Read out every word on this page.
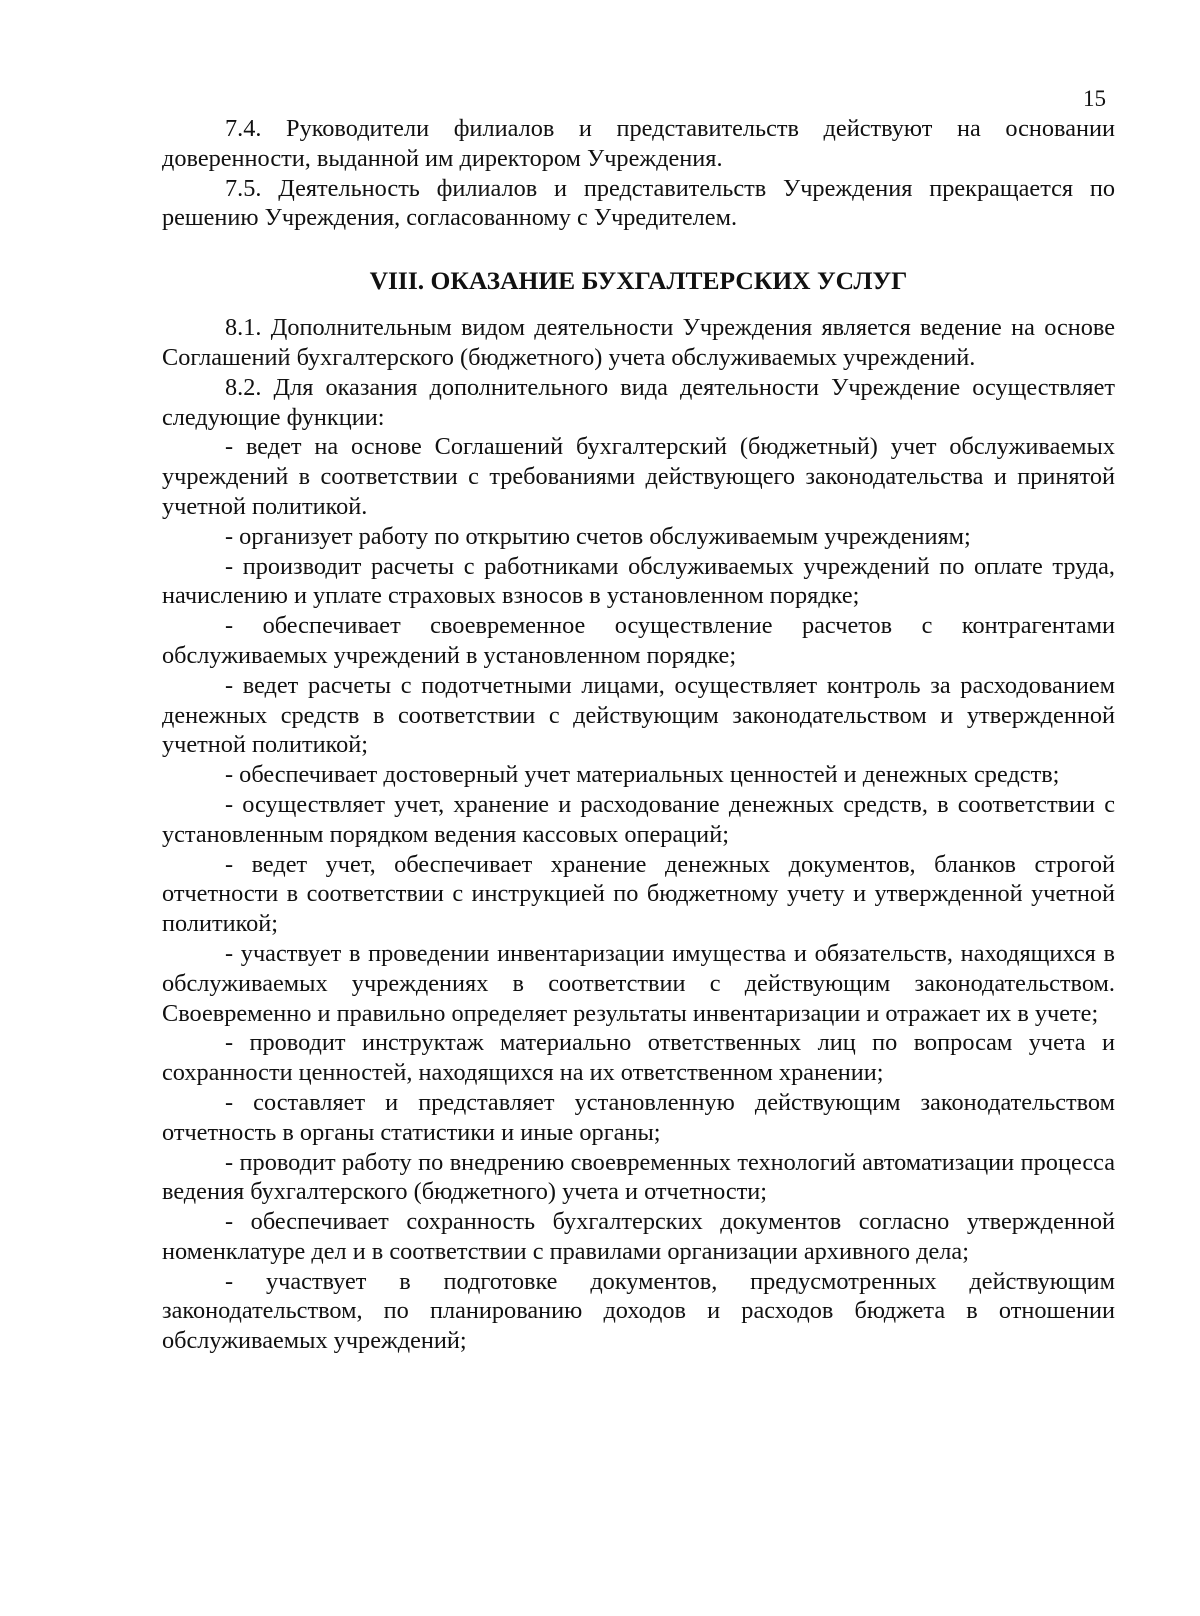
15

7.4. Руководители филиалов и представительств действуют на основании доверенности, выданной им директором Учреждения.

7.5. Деятельность филиалов и представительств Учреждения прекращается по решению Учреждения, согласованному с Учредителем.

VIII. ОКАЗАНИЕ БУХГАЛТЕРСКИХ УСЛУГ

8.1. Дополнительным видом деятельности Учреждения является ведение на основе Соглашений бухгалтерского (бюджетного) учета обслуживаемых учреждений.

8.2. Для оказания дополнительного вида деятельности Учреждение осуществляет следующие функции:

- ведет на основе Соглашений бухгалтерский (бюджетный) учет обслуживаемых учреждений в соответствии с требованиями действующего законодательства и принятой учетной политикой.

- организует работу по открытию счетов обслуживаемым учреждениям;

- производит расчеты с работниками обслуживаемых учреждений по оплате труда, начислению и уплате страховых взносов в установленном порядке;

- обеспечивает своевременное осуществление расчетов с контрагентами обслуживаемых учреждений в установленном порядке;

- ведет расчеты с подотчетными лицами, осуществляет контроль за расходованием денежных средств в соответствии с действующим законодательством и утвержденной учетной политикой;

- обеспечивает достоверный учет материальных ценностей и денежных средств;

- осуществляет учет, хранение и расходование денежных средств, в соответствии с установленным порядком ведения кассовых операций;

- ведет учет, обеспечивает хранение денежных документов, бланков строгой отчетности в соответствии с инструкцией по бюджетному учету и утвержденной учетной политикой;

- участвует в проведении инвентаризации имущества и обязательств, находящихся в обслуживаемых учреждениях в соответствии с действующим законодательством. Своевременно и правильно определяет результаты инвентаризации и отражает их в учете;

- проводит инструктаж материально ответственных лиц по вопросам учета и сохранности ценностей, находящихся на их ответственном хранении;

- составляет и представляет установленную действующим законодательством отчетность в органы статистики и иные органы;

- проводит работу по внедрению своевременных технологий автоматизации процесса ведения бухгалтерского (бюджетного) учета и отчетности;

- обеспечивает сохранность бухгалтерских документов согласно утвержденной номенклатуре дел и в соответствии с правилами организации архивного дела;

- участвует в подготовке документов, предусмотренных действующим законодательством, по планированию доходов и расходов бюджета в отношении обслуживаемых учреждений;
